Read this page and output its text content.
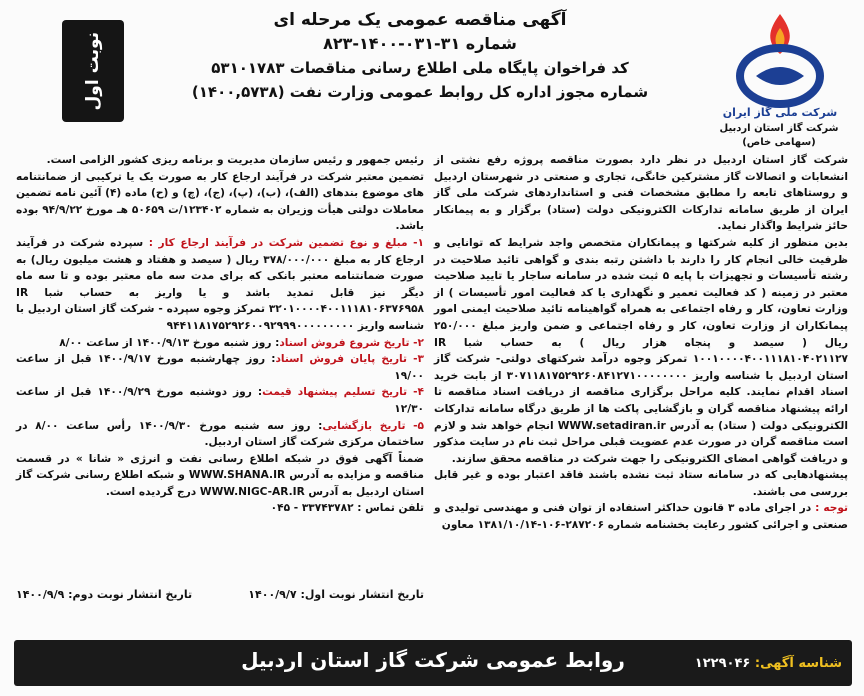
نوبت اول
آگهی مناقصه عمومی یک مرحله ای
شماره ۳۱-۰۳۱-۱۴۰۰-۸۲۳
کد فراخوان پایگاه ملی اطلاع رسانی مناقصات ۵۳۱۰۱۷۸۳
شماره مجوز اداره کل روابط عمومی وزارت نفت (۱۴۰۰,۵۷۳۸)
شرکت ملی گاز ایران
شرکت گاز استان اردبیل
(سهامی خاص)

شرکت گاز استان اردبیل در نظر دارد بصورت مناقصه پروژه رفع نشتی از انشعابات و اتصالات گاز مشترکین خانگی، تجاری و صنعتی در شهرستان اردبیل و روستاهای تابعه را مطابق مشخصات فنی و استانداردهای شرکت ملی گاز ایران از طریق سامانه تدارکات الکترونیکی دولت (ستاد) برگزار و به پیمانکار حائز شرایط واگذار نماید.

بدین منظور از کلیه شرکتها و پیمانکاران متخصص واجد شرایط که توانایی و ظرفیت خالی انجام کار را دارند با داشتن رتبه بندی و گواهی تائید صلاحیت در رشته تأسیسات و تجهیزات با پایه ۵ ثبت شده در سامانه ساجار یا تایید صلاحیت معتبر در زمینه ( کد فعالیت تعمیر و نگهداری یا کد فعالیت امور تأسیسات ) از وزارت تعاون، کار و رفاه اجتماعی به همراه گواهینامه تائید صلاحیت ایمنی امور پیمانکاران از وزارت تعاون، کار و رفاه اجتماعی و ضمن واریز مبلغ ۲۵۰/۰۰۰ ریال ( سیصد و پنجاه هزار ریال ) به حساب شبا IR ۱۰۰۱۰۰۰۰۴۰۰۱۱۱۸۱۰۴۰۲۱۱۲۷ تمرکز وجوه درآمد شرکتهای دولتی- شرکت گاز استان اردبیل با شناسه واریز ۳۰۷۱۱۸۱۷۵۲۹۲۶۰۸۴۱۲۷۱۰۰۰۰۰۰۰۰ از بابت خرید اسناد اقدام نمایند. کلیه مراحل برگزاری مناقصه از دریافت اسناد مناقصه تا ارائه پیشنهاد مناقصه گران و بازگشایی پاکت ها از طریق درگاه سامانه تدارکات الکترونیکی دولت ( ستاد) به آدرس WWW.setadiran.ir انجام خواهد شد و لازم است مناقصه گران در صورت عدم عضویت قبلی مراحل ثبت نام در سایت مذکور و دریافت گواهی امضای الکترونیکی را جهت شرکت در مناقصه محقق سازند.

پیشنهادهایی که در سامانه ستاد ثبت نشده باشند فاقد اعتبار بوده و غیر قابل بررسی می باشند.

توجه : در اجرای ماده ۳ قانون حداکثر استفاده از توان فنی و مهندسی تولیدی و صنعتی و اجرائی کشور رعایت بخشنامه شماره ۲۸۷۲۰۶-۱۰۶-۱۳۸۱/۱۰/۱۴ معاون

رئیس جمهور و رئیس سازمان مدیریت و برنامه ریزی کشور الزامی است.

تضمین معتبر شرکت در فرآیند ارجاع کار به صورت یک یا ترکیبی از ضمانتنامه های موضوع بندهای (الف)، (ب)، (پ)، (ج)، (چ) و (ح) ماده (۴) آئین نامه تضمین معاملات دولتی هیأت وزیران به شماره ۱۲۳۴۰۲/ت ۵۰۶۵۹ هـ مورخ ۹۴/۹/۲۲ بوده باشد.

۱- مبلغ و نوع تضمین شرکت در فرآیند ارجاع کار : سپرده شرکت در فرآیند ارجاع کار به مبلغ ۳۷۸/۰۰۰/۰۰۰ ریال ( سیصد و هفتاد و هشت میلیون ریال) به صورت ضمانتنامه معتبر بانکی که برای مدت سه ماه معتبر بوده و تا سه ماه دیگر نیز قابل تمدید باشد و یا واریز به حساب شبا IR ۳۲۰۱۰۰۰۰۴۰۰۱۱۱۸۱۰۶۳۷۶۹۵۸ تمرکز وجوه سپرده - شرکت گاز استان اردبیل با شناسه واریز ۹۴۴۱۱۸۱۷۵۲۹۲۶۰۰۹۲۹۹۹۰۰۰۰۰۰۰۰۰

۲- تاریخ شروع فروش اسناد: روز شنبه مورخ ۱۴۰۰/۹/۱۳ از ساعت ۸/۰۰

۳- تاریخ پایان فروش اسناد: روز چهارشنبه مورخ ۱۴۰۰/۹/۱۷ قبل از ساعت ۱۹/۰۰

۴- تاریخ تسلیم پیشنهاد قیمت: روز دوشنبه مورخ ۱۴۰۰/۹/۲۹ قبل از ساعت ۱۲/۳۰

۵- تاریخ بازگشایی: روز سه شنبه مورخ ۱۴۰۰/۹/۳۰ رأس ساعت ۸/۰۰ در ساختمان مرکزی شرکت گاز استان اردبیل.

ضمناً آگهی فوق در شبکه اطلاع رسانی نفت و انرژی « شانا » در قسمت مناقصه و مزایده به آدرس WWW.SHANA.IR و شبکه اطلاع رسانی شرکت گاز استان اردبیل به آدرس WWW.NIGC-AR.IR درج گردیده است.

تلفن تماس : ۳۳۷۴۳۷۸۲ - ۰۴۵

تاریخ انتشار نوبت اول: ۱۴۰۰/۹/۷
تاریخ انتشار نوبت دوم: ۱۴۰۰/۹/۹
روابط عمومی شرکت گاز استان اردبیل	شناسه آگهی: ۱۲۲۹۰۴۶
